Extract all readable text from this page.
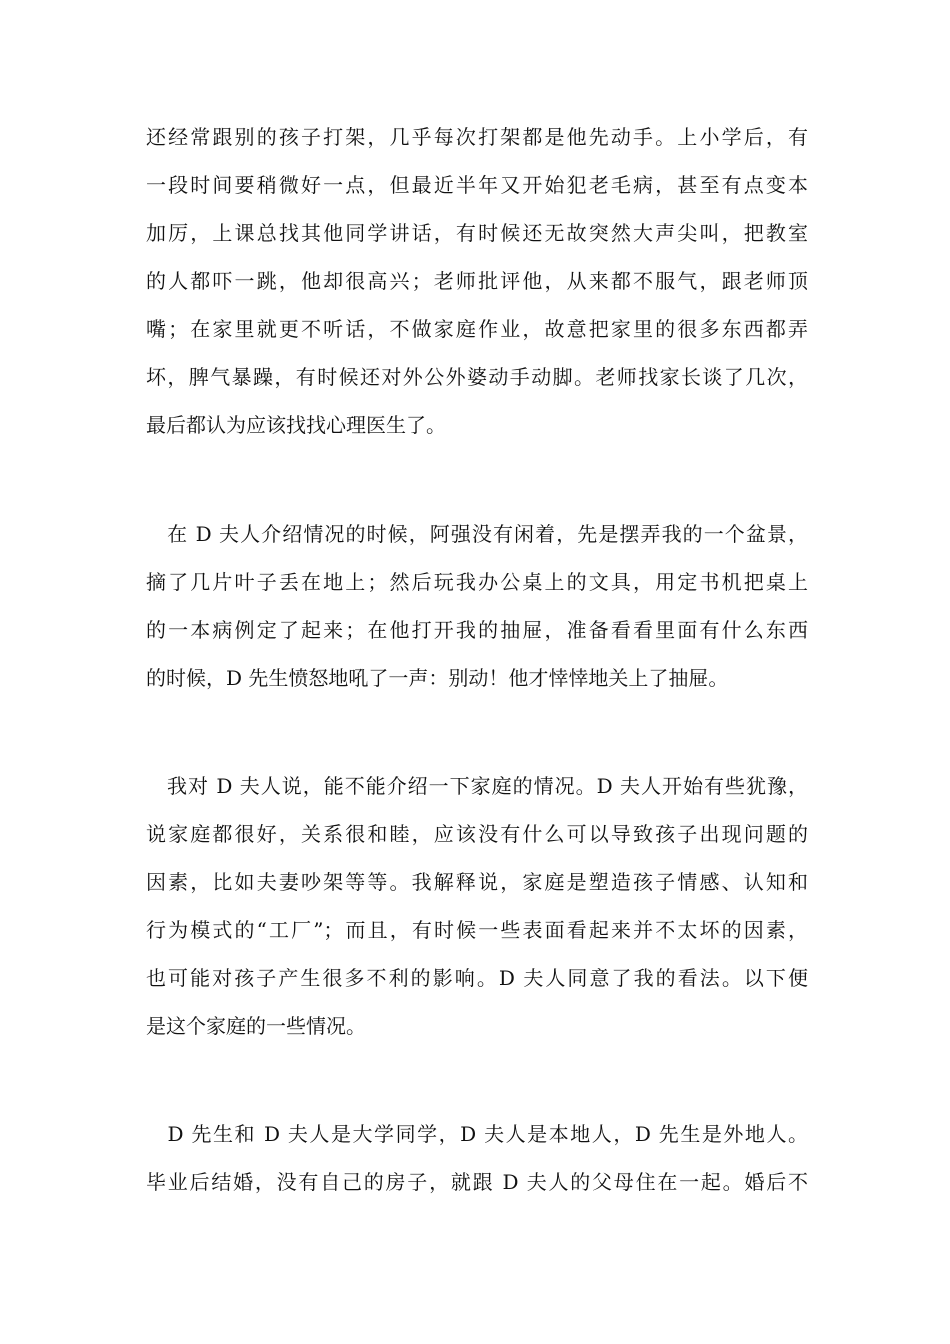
还经常跟别的孩子打架，几乎每次打架都是他先动手。上小学后，有
一段时间要稍微好一点，但最近半年又开始犯老毛病，甚至有点变本
加厉，上课总找其他同学讲话，有时候还无故突然大声尖叫，把教室
的人都吓一跳，他却很高兴；老师批评他，从来都不服气，跟老师顶
嘴；在家里就更不听话，不做家庭作业，故意把家里的很多东西都弄
坏，脾气暴躁，有时候还对外公外婆动手动脚。老师找家长谈了几次，
最后都认为应该找找心理医生了。
　在 D 夫人介绍情况的时候，阿强没有闲着，先是摆弄我的一个盆景，
摘了几片叶子丢在地上；然后玩我办公桌上的文具，用定书机把桌上
的一本病例定了起来；在他打开我的抽屉，准备看看里面有什么东西
的时候，D 先生愤怒地吼了一声：别动！他才悻悻地关上了抽屉。
　我对 D 夫人说，能不能介绍一下家庭的情况。D 夫人开始有些犹豫，
说家庭都很好，关系很和睦，应该没有什么可以导致孩子出现问题的
因素，比如夫妻吵架等等。我解释说，家庭是塑造孩子情感、认知和
行为模式的“工厂”；而且，有时候一些表面看起来并不太坏的因素，
也可能对孩子产生很多不利的影响。D 夫人同意了我的看法。以下便
是这个家庭的一些情况。
　D 先生和 D 夫人是大学同学，D 夫人是本地人，D 先生是外地人。
毕业后结婚，没有自己的房子，就跟 D 夫人的父母住在一起。婚后不
